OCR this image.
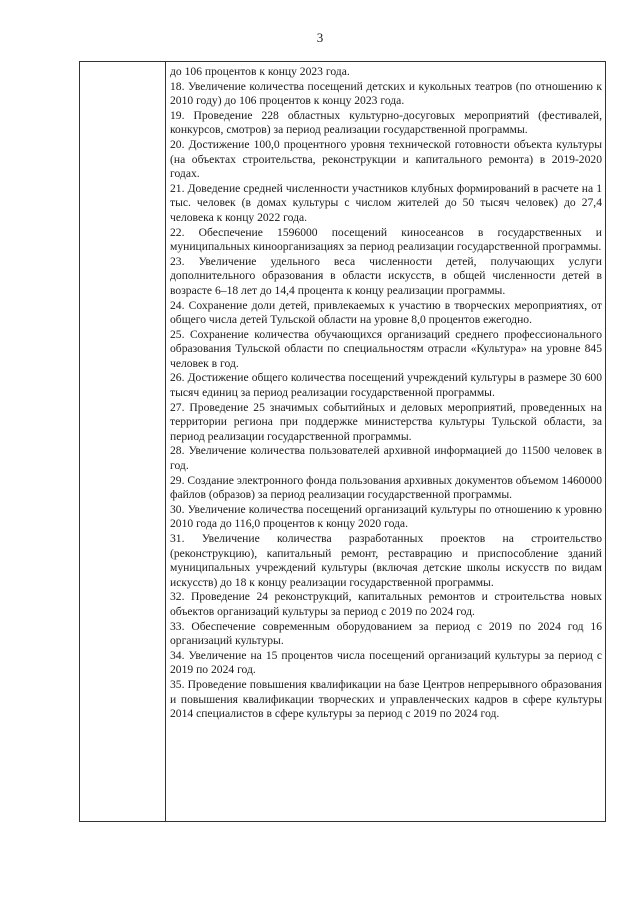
3

до 106 процентов к концу 2023 года.

18. Увеличение количества посещений детских и кукольных театров (по отношению к 2010 году) до 106 процентов к концу 2023 года.

19. Проведение 228 областных культурно-досуговых мероприятий (фестивалей, конкурсов, смотров) за период реализации государственной программы.

20. Достижение 100,0 процентного уровня технической готовности объекта культуры (на объектах строительства, реконструкции и капитального ремонта) в 2019-2020 годах.

21. Доведение средней численности участников клубных формирований в расчете на 1 тыс. человек (в домах культуры с числом жителей до 50 тысяч человек) до 27,4 человека к концу 2022 года.

22. Обеспечение 1596000 посещений киносеансов в государственных и муниципальных киноорганизациях за период реализации государственной программы.

23. Увеличение удельного веса численности детей, получающих услуги дополнительного образования в области искусств, в общей численности детей в возрасте 6–18 лет до 14,4 процента к концу реализации программы.

24. Сохранение доли детей, привлекаемых к участию в творческих мероприятиях, от общего числа детей Тульской области на уровне 8,0 процентов ежегодно.

25. Сохранение количества обучающихся организаций среднего профессионального образования Тульской области по специальностям отрасли «Культура» на уровне 845 человек в год.

26. Достижение общего количества посещений учреждений культуры в размере 30 600 тысяч единиц за период реализации государственной программы.

27. Проведение 25 значимых событийных и деловых мероприятий, проведенных на территории региона при поддержке министерства культуры Тульской области, за период реализации государственной программы.

28. Увеличение количества пользователей архивной информацией до 11500 человек в год.

29. Создание электронного фонда пользования архивных документов объемом 1460000 файлов (образов) за период реализации государственной программы.

30. Увеличение количества посещений организаций культуры по отношению к уровню 2010 года до 116,0 процентов к концу 2020 года.

31. Увеличение количества разработанных проектов на строительство (реконструкцию), капитальный ремонт, реставрацию и приспособление зданий муниципальных учреждений культуры (включая детские школы искусств по видам искусств) до 18 к концу реализации государственной программы.

32. Проведение 24 реконструкций, капитальных ремонтов и строительства новых объектов организаций культуры за период с 2019 по 2024 год.

33. Обеспечение современным оборудованием за период с 2019 по 2024 год 16 организаций культуры.

34. Увеличение на 15 процентов числа посещений организаций культуры за период с 2019 по 2024 год.

35. Проведение повышения квалификации на базе Центров непрерывного образования и повышения квалификации творческих и управленческих кадров в сфере культуры 2014 специалистов в сфере культуры за период с 2019 по 2024 год.
